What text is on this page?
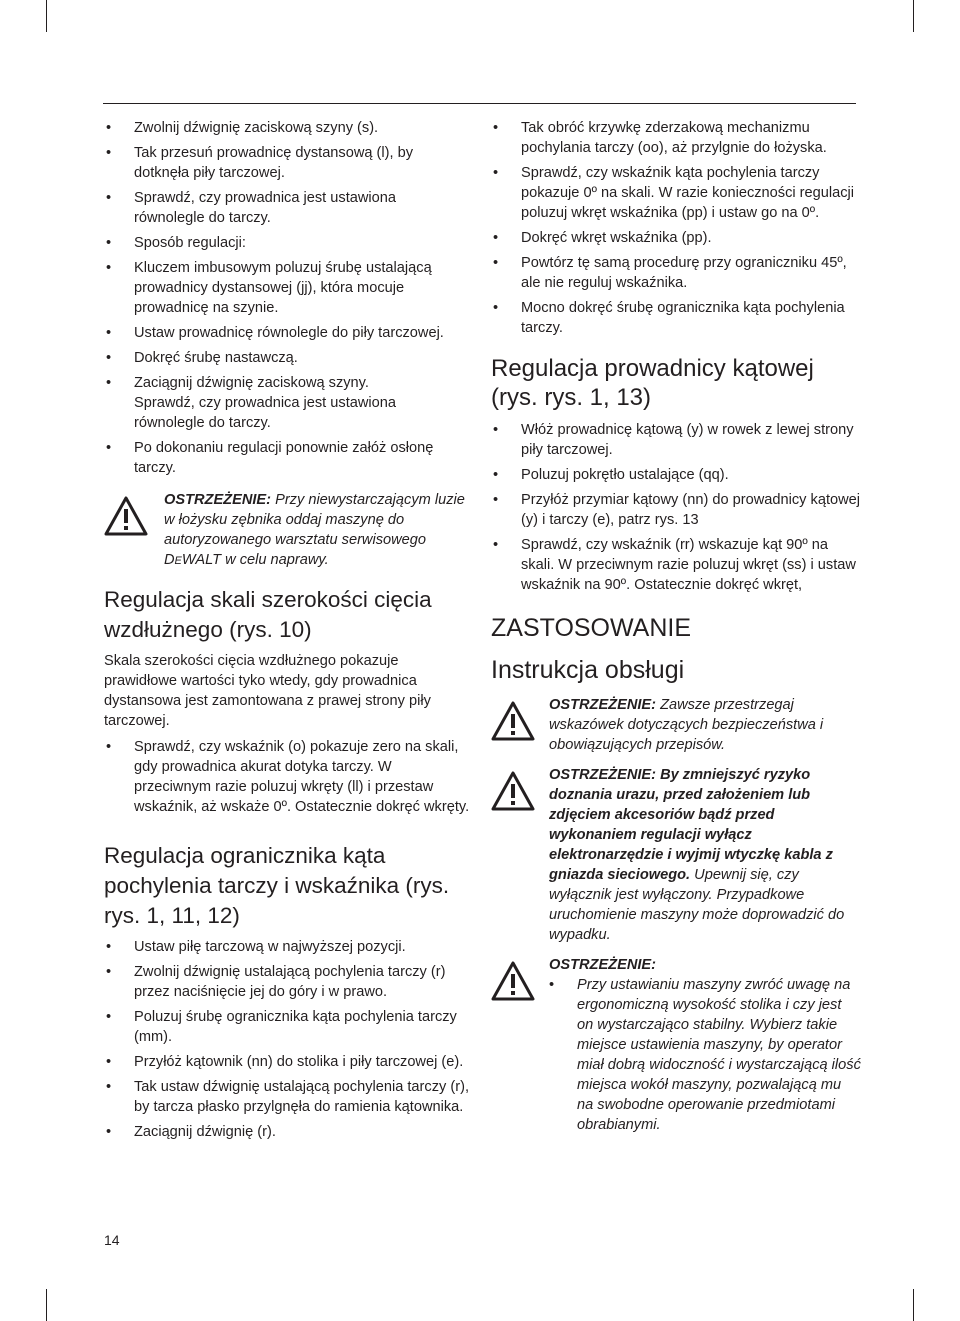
• Zwolnij dźwignię zaciskową szyny (s).
• Tak przesuń prowadnicę dystansową (l), by dotknęła piły tarczowej.
• Sprawdź, czy prowadnica jest ustawiona równolegle do tarczy.
• Sposób regulacji:
• Kluczem imbusowym poluzuj śrubę ustalającą prowadnicy dystansowej (jj), która mocuje prowadnicę na szynie.
• Ustaw prowadnicę równolegle do piły tarczowej.
• Dokręć śrubę nastawczą.
• Zaciągnij dźwignię zaciskową szyny.
Sprawdź, czy prowadnica jest ustawiona równolegle do tarczy.
• Po dokonaniu regulacji ponownie załóż osłonę tarczy.
OSTRZEŻENIE: Przy niewystarczającym luzie w łożysku zębnika oddaj maszynę do autoryzowanego warsztatu serwisowego DEWALT w celu naprawy.
Regulacja skali szerokości cięcia wzdłużnego (rys. 10)

Skala szerokości cięcia wzdłużnego pokazuje prawidłowe wartości tyko wtedy, gdy prowadnica dystansowa jest zamontowana z prawej strony piły tarczowej.

• Sprawdź, czy wskaźnik (o) pokazuje zero na skali, gdy prowadnica akurat dotyka tarczy. W przeciwnym razie poluzuj wkręty (ll) i przestaw wskaźnik, aż wskaże 0º. Ostatecznie dokręć wkręty.
Regulacja ogranicznika kąta pochylenia tarczy i wskaźnika (rys. rys. 1, 11, 12)
• Ustaw piłę tarczową w najwyższej pozycji.
• Zwolnij dźwignię ustalającą pochylenia tarczy (r) przez naciśnięcie jej do góry i w prawo.
• Poluzuj śrubę ogranicznika kąta pochylenia tarczy (mm).
• Przyłóż kątownik (nn) do stolika i piły tarczowej (e).
• Tak ustaw dźwignię ustalającą pochylenia tarczy (r), by tarcza płasko przylgnęła do ramienia kątownika.
• Zaciągnij dźwignię (r).
• Tak obróć krzywkę zderzakową mechanizmu pochylania tarczy (oo), aż przylgnie do łożyska.
• Sprawdź, czy wskaźnik kąta pochylenia tarczy pokazuje 0º na skali. W razie konieczności regulacji poluzuj wkręt wskaźnika (pp) i ustaw go na 0º.
• Dokręć wkręt wskaźnika (pp).
• Powtórz tę samą procedurę przy ograniczniku 45º, ale nie reguluj wskaźnika.
• Mocno dokręć śrubę ogranicznika kąta pochylenia tarczy.
Regulacja prowadnicy kątowej (rys. rys. 1, 13)
• Włóż prowadnicę kątową (y) w rowek z lewej strony piły tarczowej.
• Poluzuj pokrętło ustalające (qq).
• Przyłóż przymiar kątowy (nn) do prowadnicy kątowej (y) i tarczy (e), patrz rys. 13
• Sprawdź, czy wskaźnik (rr) wskazuje kąt 90º na skali. W przeciwnym razie poluzuj wkręt (ss) i ustaw wskaźnik na 90º. Ostatecznie dokręć wkręt,
ZASTOSOWANIE
Instrukcja obsługi
OSTRZEŻENIE: Zawsze przestrzegaj wskazówek dotyczących bezpieczeństwa i obowiązujących przepisów.
OSTRZEŻENIE: By zmniejszyć ryzyko doznania urazu, przed założeniem lub zdjęciem akcesoriów bądź przed wykonaniem regulacji wyłącz elektronarzędzie i wyjmij wtyczkę kabla z gniazda sieciowego. Upewnij się, czy wyłącznik jest wyłączony. Przypadkowe uruchomienie maszyny może doprowadzić do wypadku.
OSTRZEŻENIE:
• Przy ustawianiu maszyny zwróć uwagę na ergonomiczną wysokość stolika i czy jest on wystarczająco stabilny. Wybierz takie miejsce ustawienia maszyny, by operator miał dobrą widoczność i wystarczającą ilość miejsca wokół maszyny, pozwalającą mu na swobodne operowanie przedmiotami obrabianymi.
14
